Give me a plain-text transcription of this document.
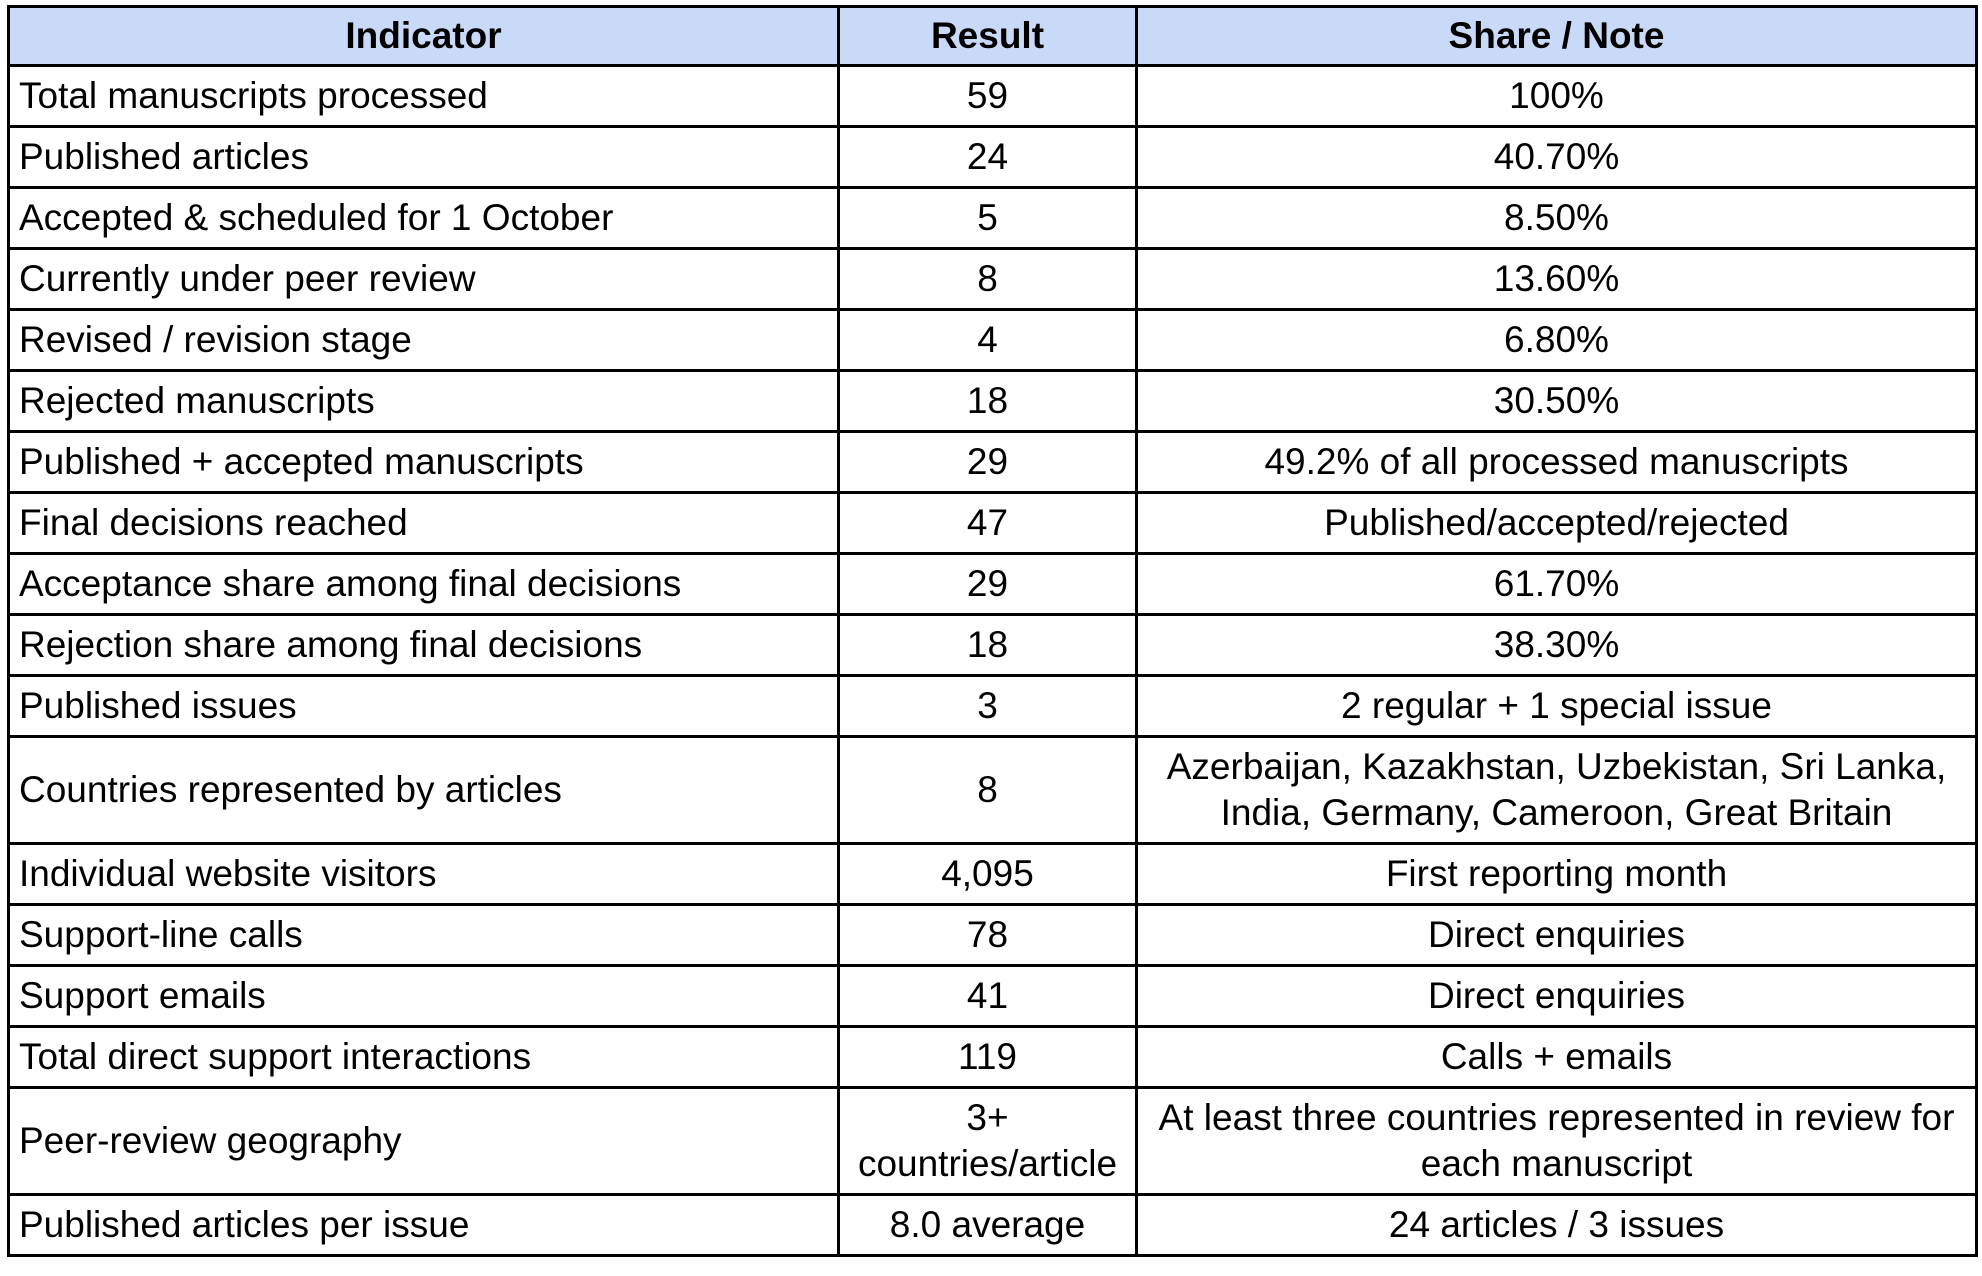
Indicator	Result	Share / Note
Total manuscripts processed	59	100%
Published articles	24	40.70%
Accepted & scheduled for 1 October	5	8.50%
Currently under peer review	8	13.60%
Revised / revision stage	4	6.80%
Rejected manuscripts	18	30.50%
Published + accepted manuscripts	29	49.2% of all processed manuscripts
Final decisions reached	47	Published/accepted/rejected
Acceptance share among final decisions	29	61.70%
Rejection share among final decisions	18	38.30%
Published issues	3	2 regular + 1 special issue
Countries represented by articles	8	Azerbaijan, Kazakhstan, Uzbekistan, Sri Lanka, India, Germany, Cameroon, Great Britain
Individual website visitors	4,095	First reporting month
Support-line calls	78	Direct enquiries
Support emails	41	Direct enquiries
Total direct support interactions	119	Calls + emails
Peer-review geography	3+ countries/article	At least three countries represented in review for each manuscript
Published articles per issue	8.0 average	24 articles / 3 issues
